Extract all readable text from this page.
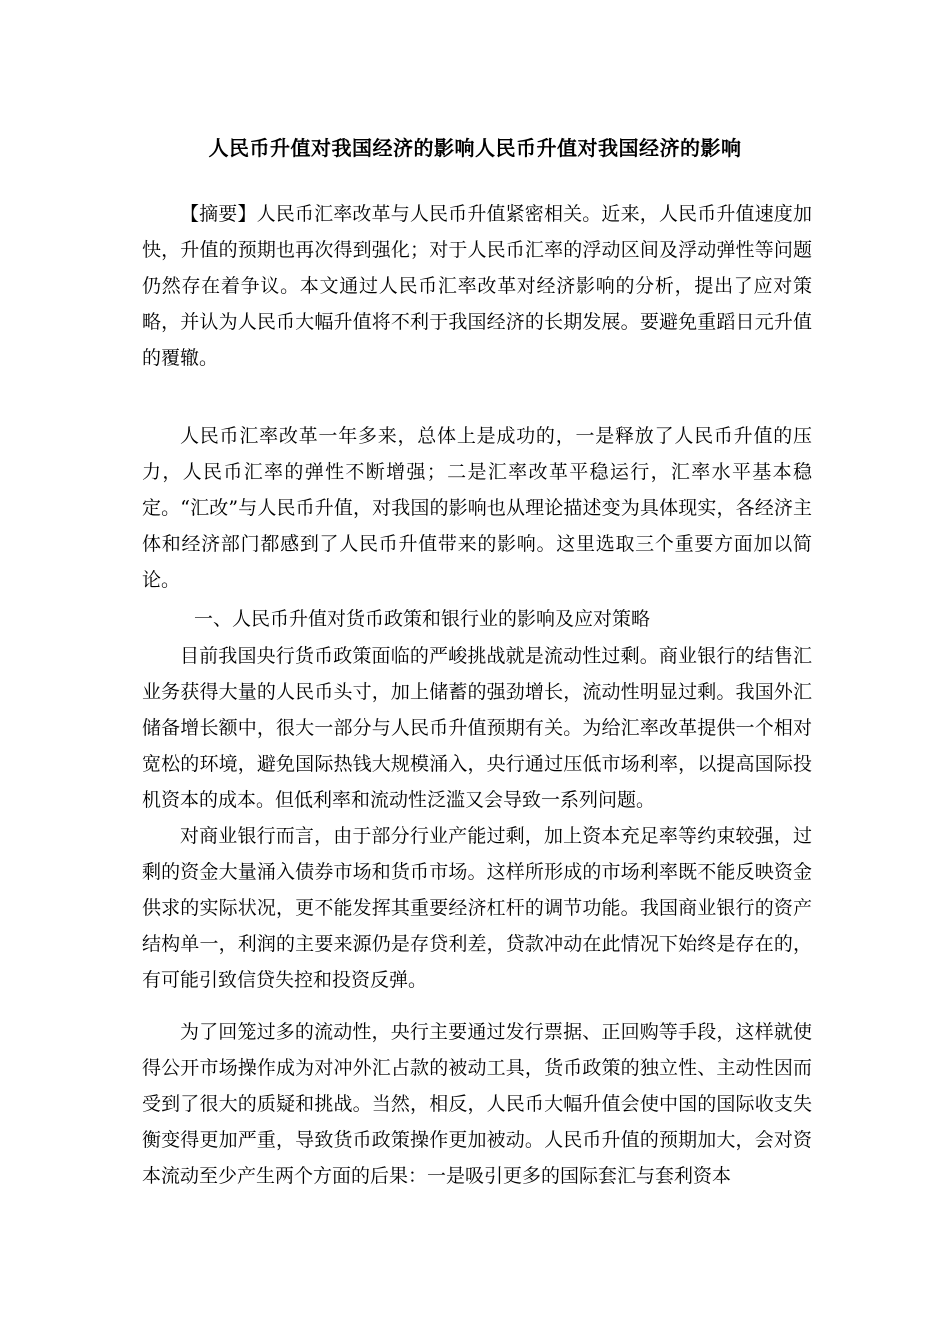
人民币升值对我国经济的影响人民币升值对我国经济的影响

【摘要】人民币汇率改革与人民币升值紧密相关。近来，人民币升值速度加快，升值的预期也再次得到强化；对于人民币汇率的浮动区间及浮动弹性等问题仍然存在着争议。本文通过人民币汇率改革对经济影响的分析，提出了应对策略，并认为人民币大幅升值将不利于我国经济的长期发展。要避免重蹈日元升值的覆辙。

人民币汇率改革一年多来，总体上是成功的，一是释放了人民币升值的压力，人民币汇率的弹性不断增强；二是汇率改革平稳运行，汇率水平基本稳定。“汇改”与人民币升值，对我国的影响也从理论描述变为具体现实，各经济主体和经济部门都感到了人民币升值带来的影响。这里选取三个重要方面加以简论。

一、人民币升值对货币政策和银行业的影响及应对策略

目前我国央行货币政策面临的严峻挑战就是流动性过剩。商业银行的结售汇业务获得大量的人民币头寸，加上储蓄的强劲增长，流动性明显过剩。我国外汇储备增长额中，很大一部分与人民币升值预期有关。为给汇率改革提供一个相对宽松的环境，避免国际热钱大规模涌入，央行通过压低市场利率，以提高国际投机资本的成本。但低利率和流动性泛滥又会导致一系列问题。

对商业银行而言，由于部分行业产能过剩，加上资本充足率等约束较强，过剩的资金大量涌入债券市场和货币市场。这样所形成的市场利率既不能反映资金供求的实际状况，更不能发挥其重要经济杠杆的调节功能。我国商业银行的资产结构单一，利润的主要来源仍是存贷利差，贷款冲动在此情况下始终是存在的，有可能引致信贷失控和投资反弹。

为了回笼过多的流动性，央行主要通过发行票据、正回购等手段，这样就使得公开市场操作成为对冲外汇占款的被动工具，货币政策的独立性、主动性因而受到了很大的质疑和挑战。当然，相反，人民币大幅升值会使中国的国际收支失衡变得更加严重，导致货币政策操作更加被动。人民币升值的预期加大，会对资本流动至少产生两个方面的后果：一是吸引更多的国际套汇与套利资本
